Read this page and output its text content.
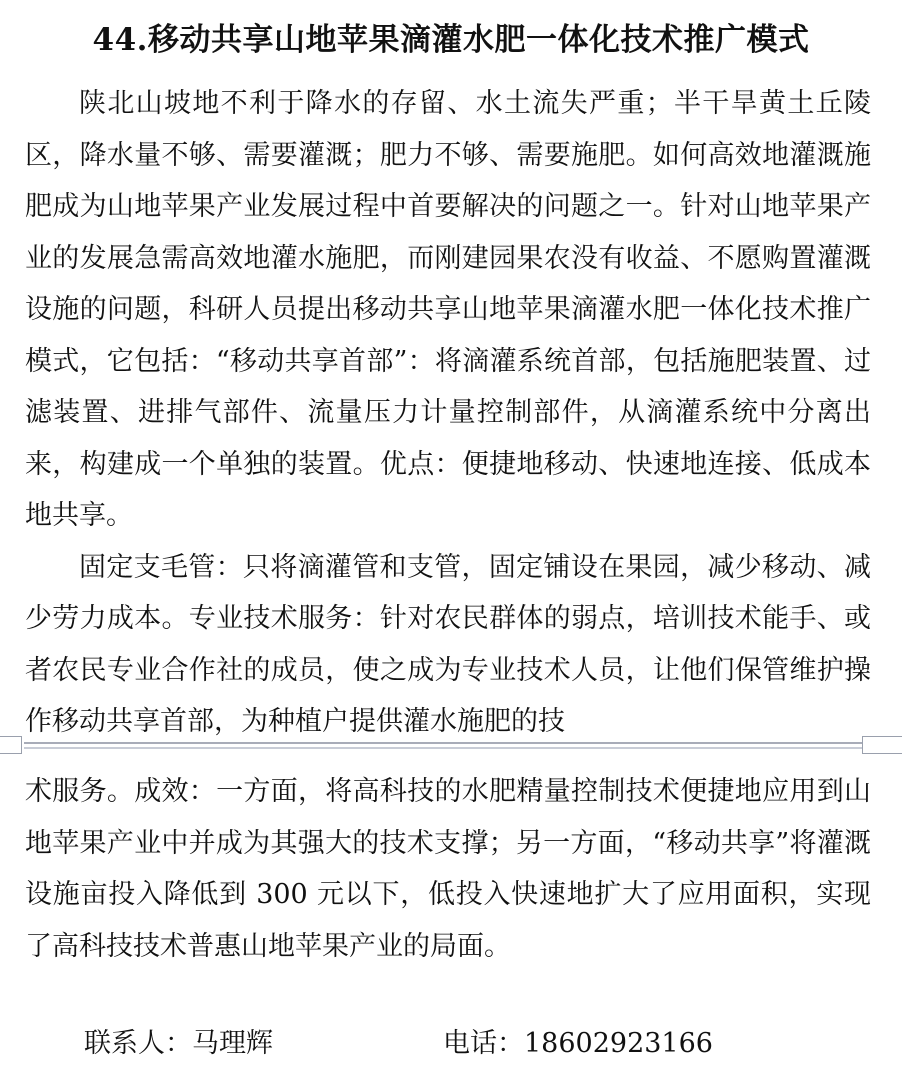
44.移动共享山地苹果滴灌水肥一体化技术推广模式

陕北山坡地不利于降水的存留、水土流失严重；半干旱黄土丘陵区，降水量不够、需要灌溉；肥力不够、需要施肥。如何高效地灌溉施肥成为山地苹果产业发展过程中首要解决的问题之一。针对山地苹果产业的发展急需高效地灌水施肥，而刚建园果农没有收益、不愿购置灌溉设施的问题，科研人员提出移动共享山地苹果滴灌水肥一体化技术推广模式，它包括：“移动共享首部”：将滴灌系统首部，包括施肥装置、过滤装置、进排气部件、流量压力计量控制部件，从滴灌系统中分离出来，构建成一个单独的装置。优点：便捷地移动、快速地连接、低成本地共享。

固定支毛管：只将滴灌管和支管，固定铺设在果园，减少移动、减少劳力成本。专业技术服务：针对农民群体的弱点，培训技术能手、或者农民专业合作社的成员，使之成为专业技术人员，让他们保管维护操作移动共享首部，为种植户提供灌水施肥的技

术服务。成效：一方面，将高科技的水肥精量控制技术便捷地应用到山地苹果产业中并成为其强大的技术支撑；另一方面，“移动共享”将灌溉设施亩投入降低到 300 元以下，低投入快速地扩大了应用面积，实现了高科技技术普惠山地苹果产业的局面。

联系人：马理辉	电话：18602923166
